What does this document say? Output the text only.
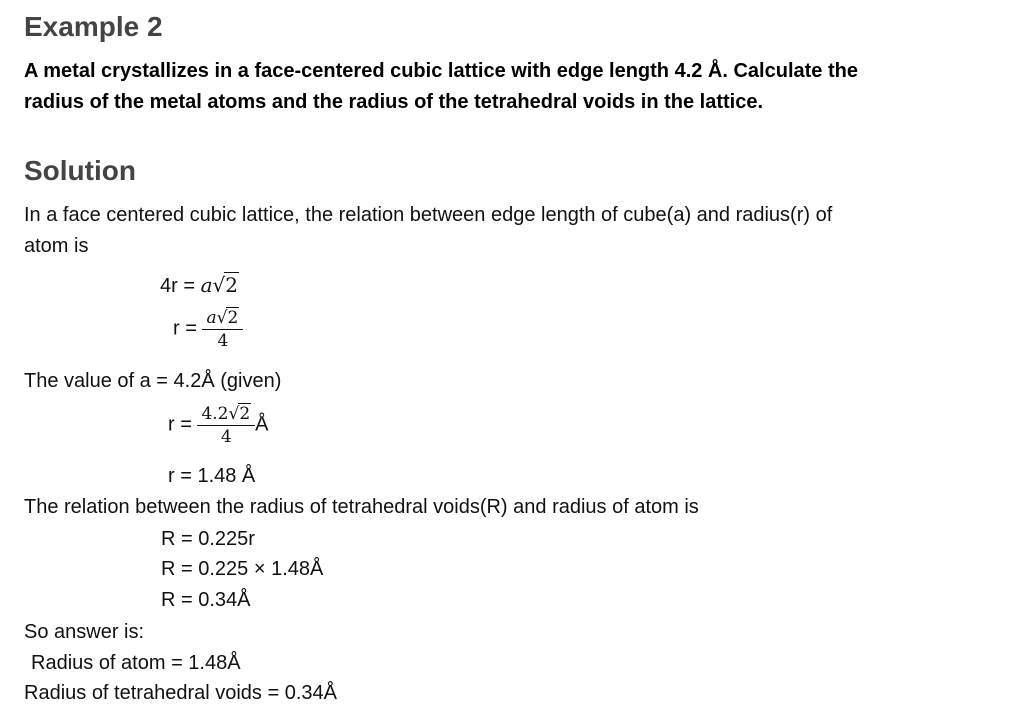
Example 2
A metal crystallizes in a face-centered cubic lattice with edge length 4.2 Å. Calculate the
radius of the metal atoms and the radius of the tetrahedral voids in the lattice.
Solution
In a face centered cubic lattice, the relation between edge length of cube(a) and radius(r) of
atom is
4r = a√2
$r = \frac{a√2}{4}$
The value of a = 4.2Å (given)
$r = \frac{4.2√2}{4}$ Å
r = 1.48 Å
The relation between the radius of tetrahedral voids(R) and radius of atom is
R = 0.225r
R = 0.225 × 1.48Å
R = 0.34Å
So answer is:
Radius of atom = 1.48Å
Radius of tetrahedral voids = 0.34Å
